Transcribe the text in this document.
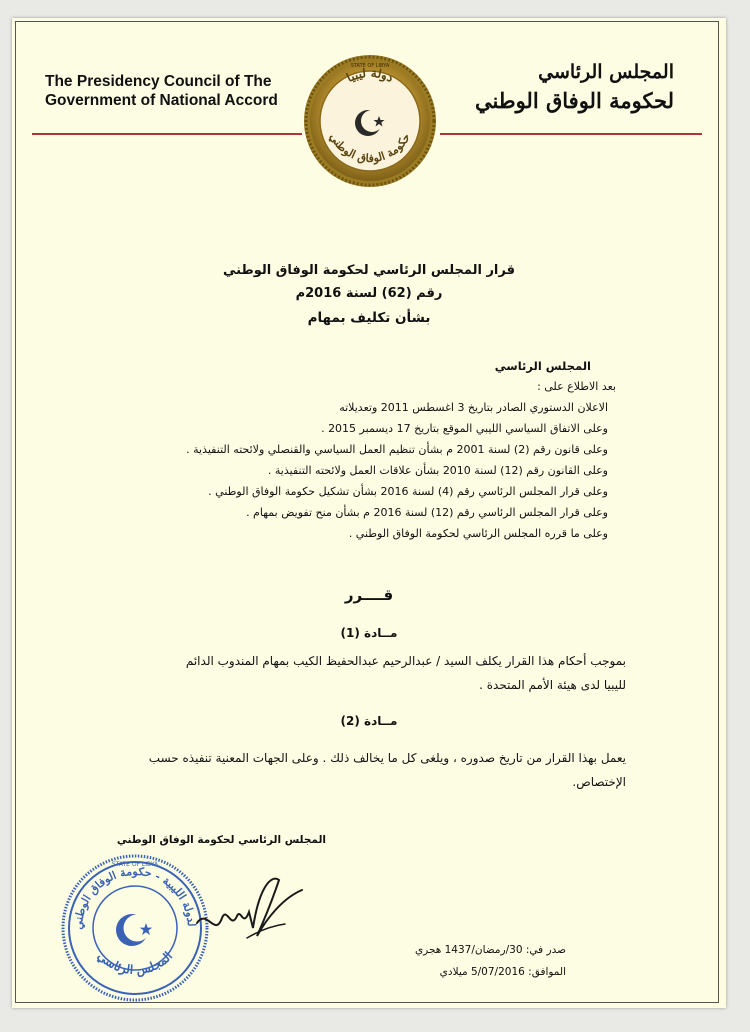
The Presidency Council of The
Government of National Accord
المجلس الرئاسي
لحكومة الوفاق الوطني
دولة ليبيا
حكومة الوفاق الوطني
STATE OF LIBYA
قرار المجلس الرئاسي لحكومة الوفاق الوطني
رقم (62) لسنة 2016م
بشأن تكليف بمهام
المجلس الرئاسي
بعد الاطلاع على :
الاعلان الدستوري الصادر بتاريخ 3 اغسطس 2011 وتعديلاته
وعلى الاتفاق السياسي الليبي الموقع بتاريخ 17 ديسمبر 2015 .
وعلى قانون رقم (2) لسنة 2001 م بشأن تنظيم العمل السياسي والقنصلي ولائحته التنفيذية .
وعلى القانون رقم (12) لسنة 2010 بشأن علاقات العمل ولائحته التنفيذية .
وعلى قرار المجلس الرئاسي رقم (4) لسنة 2016 بشأن تشكيل حكومة الوفاق الوطني .
وعلى قرار المجلس الرئاسي رقم (12) لسنة 2016 م بشأن منح تفويض بمهام .
وعلى ما قرره المجلس الرئاسي لحكومة الوفاق الوطني .
قــــرر
مــادة (1)
بموجب أحكام هذا القرار يكلف السيد / عبدالرحيم عبدالحفيظ الكيب بمهام المندوب الدائم
لليبيا لدى هيئة الأمم المتحدة .
مــادة (2)
يعمل بهذا القرار من تاريخ صدوره ، ويلغى كل ما يخالف ذلك . وعلى الجهات المعنية تنفيذه حسب
الإختصاص.
المجلس الرئاسي لحكومة الوفاق الوطني
لدولة الليبية - حكومة الوفاق الوطني
المجلس الرئاسي
STATE OF LIBYA
صدر في: 30/رمضان/1437 هجري
الموافق: 5/07/2016 ميلادي
